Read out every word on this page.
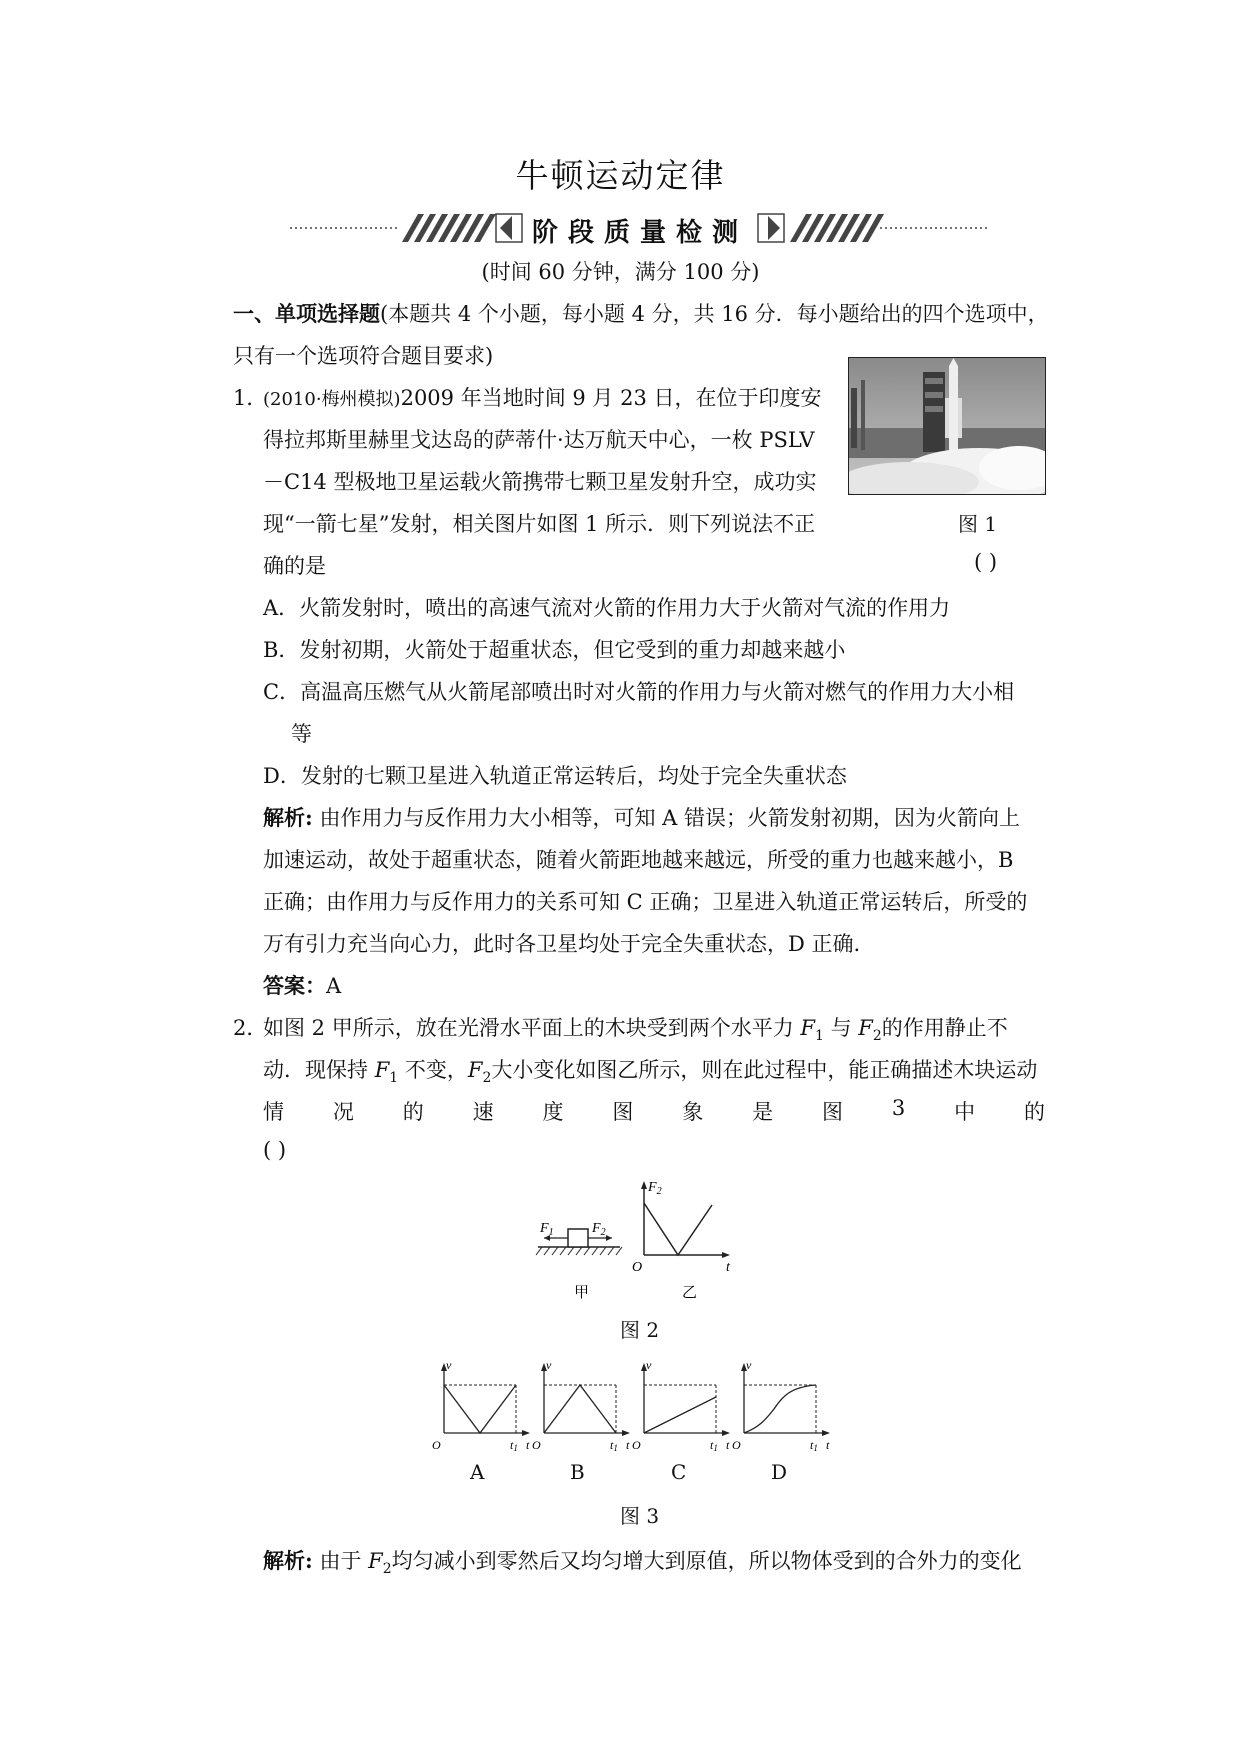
牛顿运动定律
阶段质量检测
(时间 60 分钟，满分 100 分)
一、单项选择题(本题共 4 个小题，每小题 4 分，共 16 分．每小题给出的四个选项中，
只有一个选项符合题目要求)
1．
(2010·梅州模拟)2009 年当地时间 9 月 23 日，在位于印度安
得拉邦斯里赫里戈达岛的萨蒂什·达万航天中心，一枚 PSLV
－C14 型极地卫星运载火箭携带七颗卫星发射升空，成功实
现“一箭七星”发射，相关图片如图 1 所示．则下列说法不正
确的是	( )
图 1
A．火箭发射时，喷出的高速气流对火箭的作用力大于火箭对气流的作用力
B．发射初期，火箭处于超重状态，但它受到的重力却越来越小
C．高温高压燃气从火箭尾部喷出时对火箭的作用力与火箭对燃气的作用力大小相
等
D．发射的七颗卫星进入轨道正常运转后，均处于完全失重状态
解析: 由作用力与反作用力大小相等，可知 A 错误；火箭发射初期，因为火箭向上
加速运动，故处于超重状态，随着火箭距地越来越远，所受的重力也越来越小，B
正确；由作用力与反作用力的关系可知 C 正确；卫星进入轨道正常运转后，所受的
万有引力充当向心力，此时各卫星均处于完全失重状态，D 正确.
答案：A
2．
如图 2 甲所示，放在光滑水平面上的木块受到两个水平力 $F_1$ 与 $F_2$的作用静止不
动．现保持 $F_1$ 不变，$F_2$大小变化如图乙所示，则在此过程中，能正确描述木块运动
情 况 的 速 度 图 象 是 图 3 中 的
( )
$F_1$	$F_2$
$F_2$
O	t
甲	乙
图 2
v
O	t1 t
v
O	t1 t
v
O	t1 t
v
O	t1 t
A	B	C	D
图 3
解析: 由于 $F_2$均匀减小到零然后又均匀增大到原值，所以物体受到的合外力的变化
